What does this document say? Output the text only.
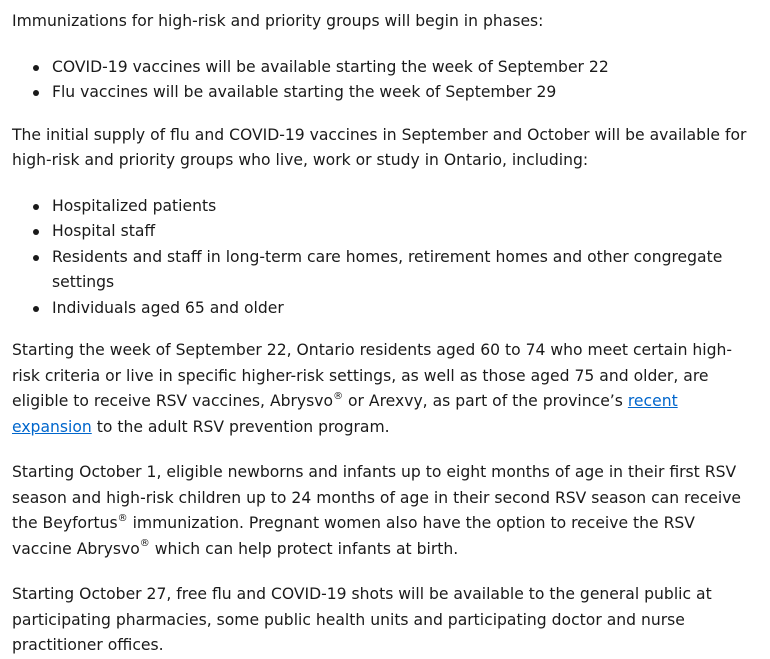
Immunizations for high-risk and priority groups will begin in phases:

COVID-19 vaccines will be available starting the week of September 22
Flu vaccines will be available starting the week of September 29

The initial supply of flu and COVID-19 vaccines in September and October will be available for high-risk and priority groups who live, work or study in Ontario, including:

Hospitalized patients
Hospital staff
Residents and staff in long-term care homes, retirement homes and other congregate settings
Individuals aged 65 and older

Starting the week of September 22, Ontario residents aged 60 to 74 who meet certain high-risk criteria or live in specific higher-risk settings, as well as those aged 75 and older, are eligible to receive RSV vaccines, Abrysvo® or Arexvy, as part of the province’s recent expansion to the adult RSV prevention program.

Starting October 1, eligible newborns and infants up to eight months of age in their first RSV season and high-risk children up to 24 months of age in their second RSV season can receive the Beyfortus® immunization. Pregnant women also have the option to receive the RSV vaccine Abrysvo® which can help protect infants at birth.

Starting October 27, free flu and COVID-19 shots will be available to the general public at participating pharmacies, some public health units and participating doctor and nurse practitioner offices.
